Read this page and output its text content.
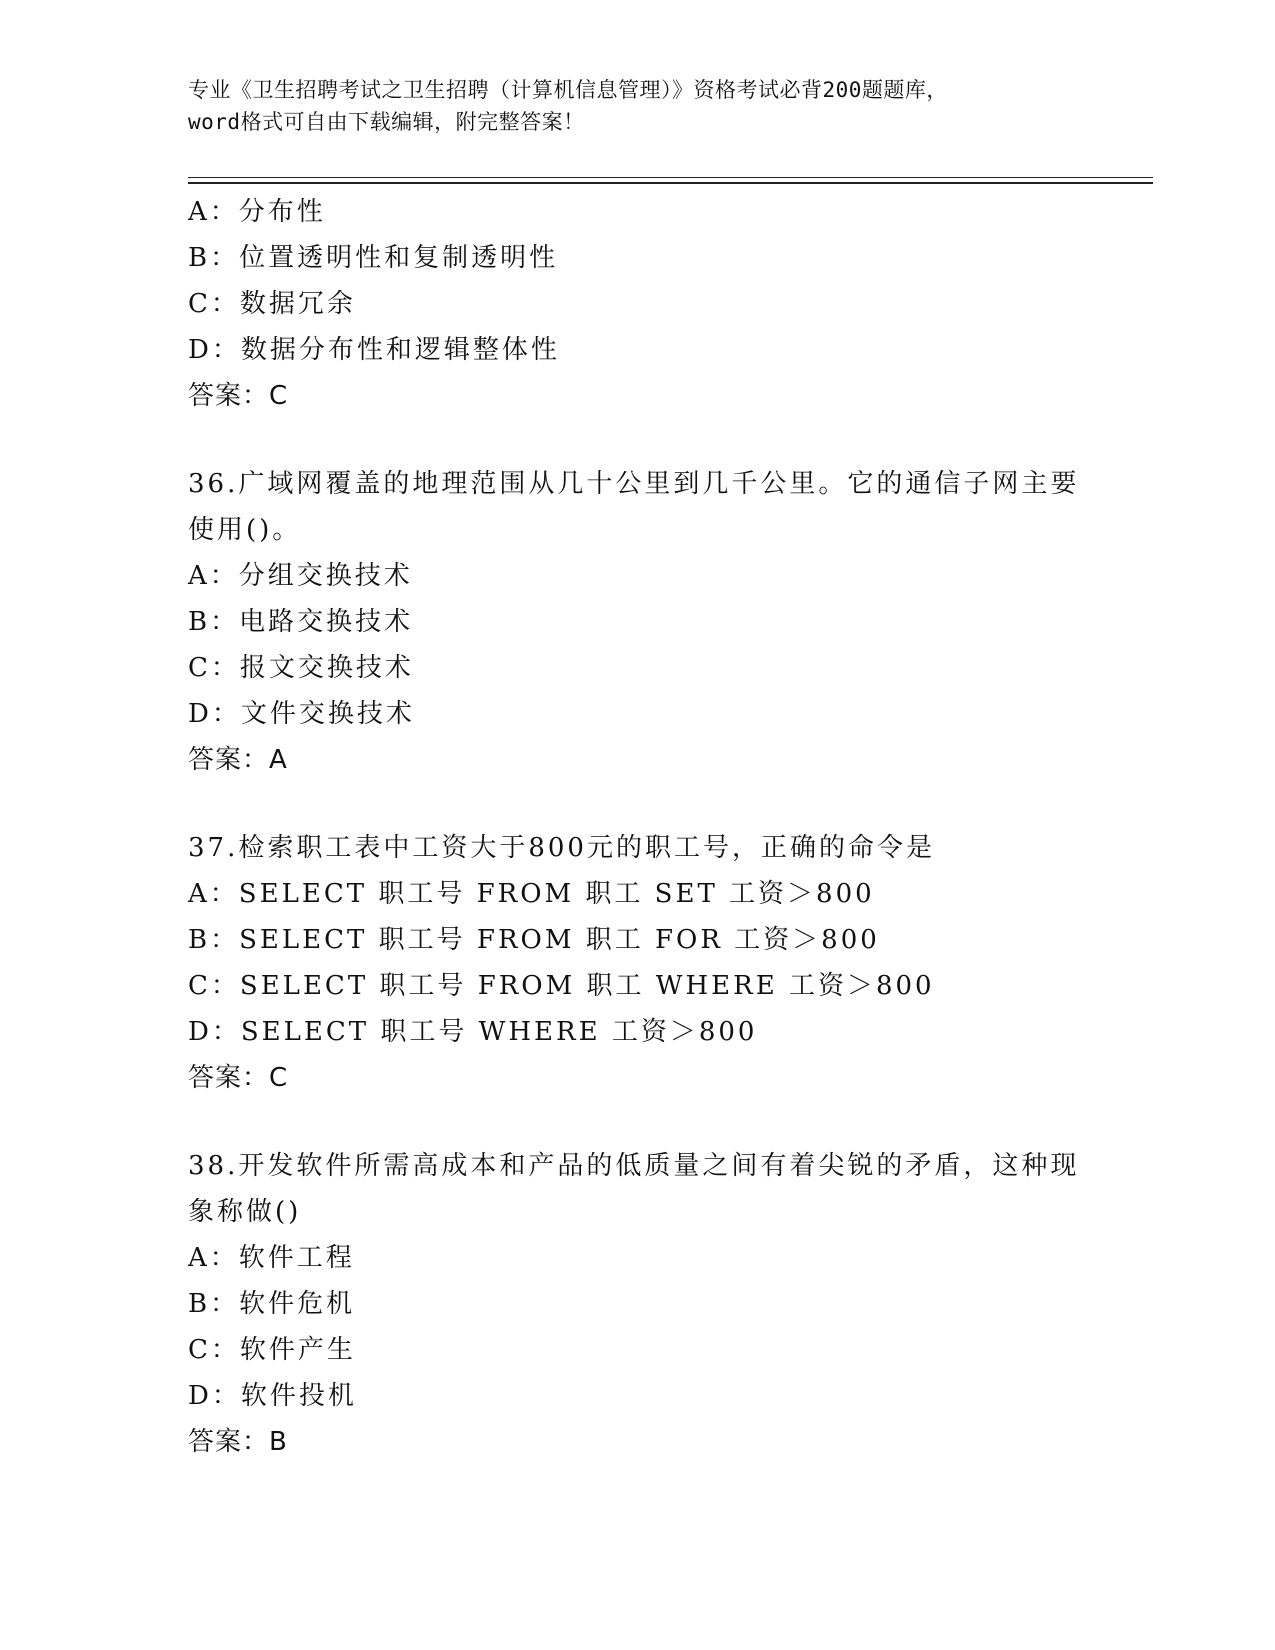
专业《卫生招聘考试之卫生招聘（计算机信息管理）》资格考试必背200题题库，
word格式可自由下载编辑，附完整答案！
A：分布性
B：位置透明性和复制透明性
C：数据冗余
D：数据分布性和逻辑整体性
答案：C
36.广域网覆盖的地理范围从几十公里到几千公里。它的通信子网主要
使用()。
A：分组交换技术
B：电路交换技术
C：报文交换技术
D：文件交换技术
答案：A
37.检索职工表中工资大于800元的职工号，正确的命令是
A：SELECT 职工号 FROM 职工 SET 工资＞800
B：SELECT 职工号 FROM 职工 FOR 工资＞800
C：SELECT 职工号 FROM 职工 WHERE 工资＞800
D：SELECT 职工号 WHERE 工资＞800
答案：C
38.开发软件所需高成本和产品的低质量之间有着尖锐的矛盾，这种现
象称做()
A：软件工程
B：软件危机
C：软件产生
D：软件投机
答案：B
